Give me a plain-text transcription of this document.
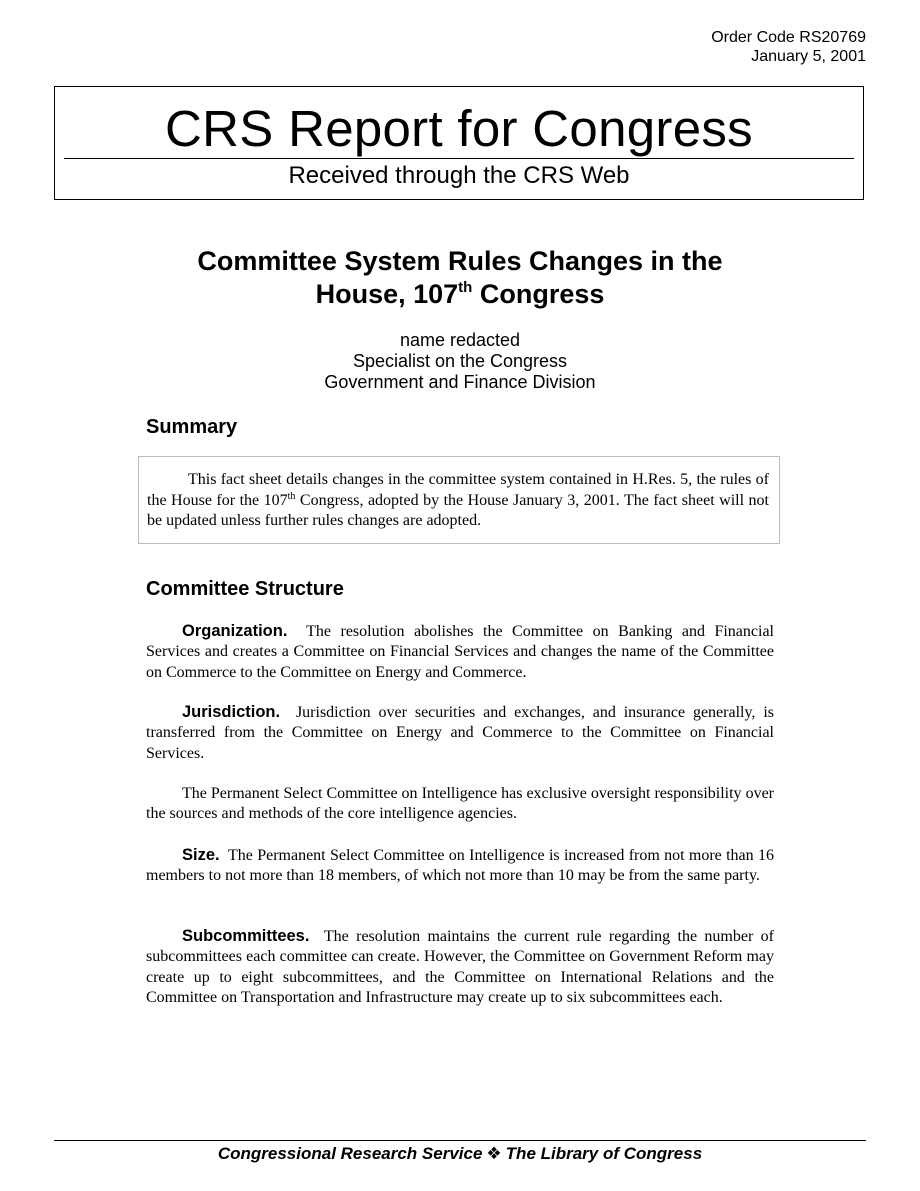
Order Code RS20769
January 5, 2001
CRS Report for Congress
Received through the CRS Web
Committee System Rules Changes in the
House, 107th Congress
name redacted
Specialist on the Congress
Government and Finance Division
Summary

This fact sheet details changes in the committee system contained in H.Res. 5, the rules of the House for the 107th Congress, adopted by the House January 3, 2001. The fact sheet will not be updated unless further rules changes are adopted.

Committee Structure

Organization. The resolution abolishes the Committee on Banking and Financial Services and creates a Committee on Financial Services and changes the name of the Committee on Commerce to the Committee on Energy and Commerce.

Jurisdiction. Jurisdiction over securities and exchanges, and insurance generally, is transferred from the Committee on Energy and Commerce to the Committee on Financial Services.

The Permanent Select Committee on Intelligence has exclusive oversight responsibility over the sources and methods of the core intelligence agencies.

Size. The Permanent Select Committee on Intelligence is increased from not more than 16 members to not more than 18 members, of which not more than 10 may be from the same party.

Subcommittees. The resolution maintains the current rule regarding the number of subcommittees each committee can create. However, the Committee on Government Reform may create up to eight subcommittees, and the Committee on International Relations and the Committee on Transportation and Infrastructure may create up to six subcommittees each.

Congressional Research Service ❖ The Library of Congress
